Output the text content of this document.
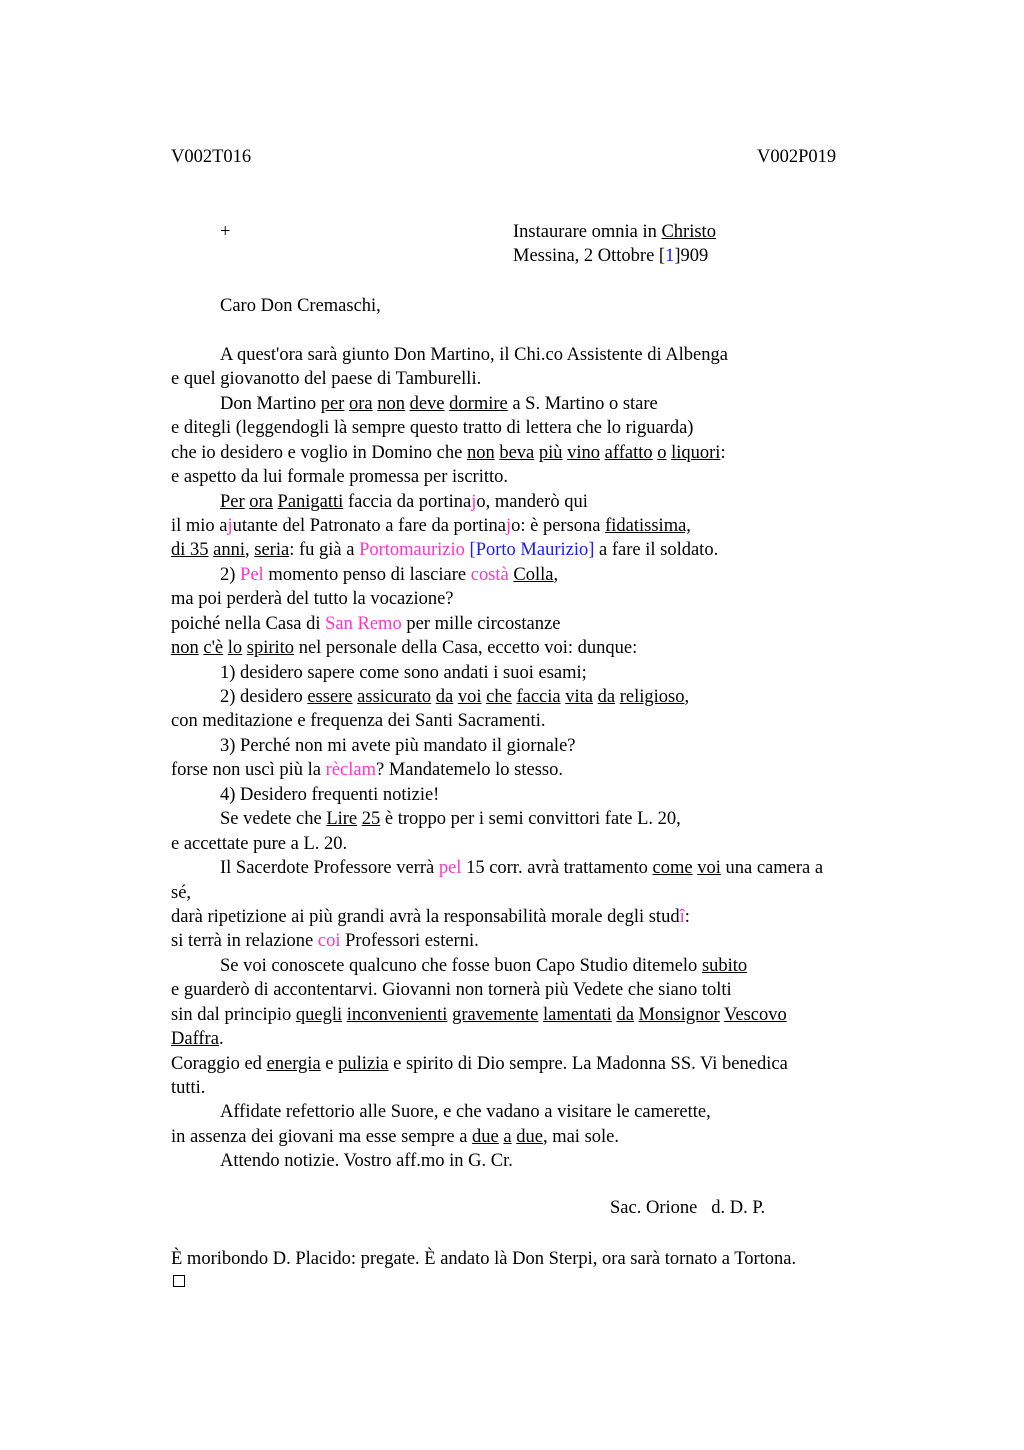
V002T016	V002P019
+	Instaurare omnia in Christo
Messina, 2 Ottobre [1]909
Caro Don Cremaschi,
A quest'ora sarà giunto Don Martino, il Chi.co Assistente di Albenga
e quel giovanotto del paese di Tamburelli.
Don Martino per ora non deve dormire a S. Martino o stare
e ditegli (leggendogli là sempre questo tratto di lettera che lo riguarda)
che io desidero e voglio in Domino che non beva più vino affatto o liquori:
e aspetto da lui formale promessa per iscritto.
Per ora Panigatti faccia da portinajo, manderò qui
il mio ajutante del Patronato a fare da portinajo: è persona fidatissima,
di 35 anni, seria: fu già a Portomaurizio [Porto Maurizio] a fare il soldato.
2) Pel momento penso di lasciare costà Colla,
ma poi perderà del tutto la vocazione?
poiché nella Casa di San Remo per mille circostanze
non c'è lo spirito nel personale della Casa, eccetto voi: dunque:
1) desidero sapere come sono andati i suoi esami;
2) desidero essere assicurato da voi che faccia vita da religioso,
con meditazione e frequenza dei Santi Sacramenti.
3) Perché non mi avete più mandato il giornale?
forse non uscì più la rèclam? Mandatemelo lo stesso.
4) Desidero frequenti notizie!
Se vedete che Lire 25 è troppo per i semi convittori fate L. 20,
e accettate pure a L. 20.
Il Sacerdote Professore verrà pel 15 corr. avrà trattamento come voi una camera a
sé,
darà ripetizione ai più grandi avrà la responsabilità morale degli studî:
si terrà in relazione coi Professori esterni.
Se voi conoscete qualcuno che fosse buon Capo Studio ditemelo subito
e guarderò di accontentarvi. Giovanni non tornerà più Vedete che siano tolti
sin dal principio quegli inconvenienti gravemente lamentati da Monsignor Vescovo
Daffra.
Coraggio ed energia e pulizia e spirito di Dio sempre. La Madonna SS. Vi benedica
tutti.
Affidate refettorio alle Suore, e che vadano a visitare le camerette,
in assenza dei giovani ma esse sempre a due a due, mai sole.
Attendo notizie. Vostro aff.mo in G. Cr.
Sac. Orione   d. D. P.
È moribondo D. Placido: pregate. È andato là Don Sterpi, ora sarà tornato a Tortona.
